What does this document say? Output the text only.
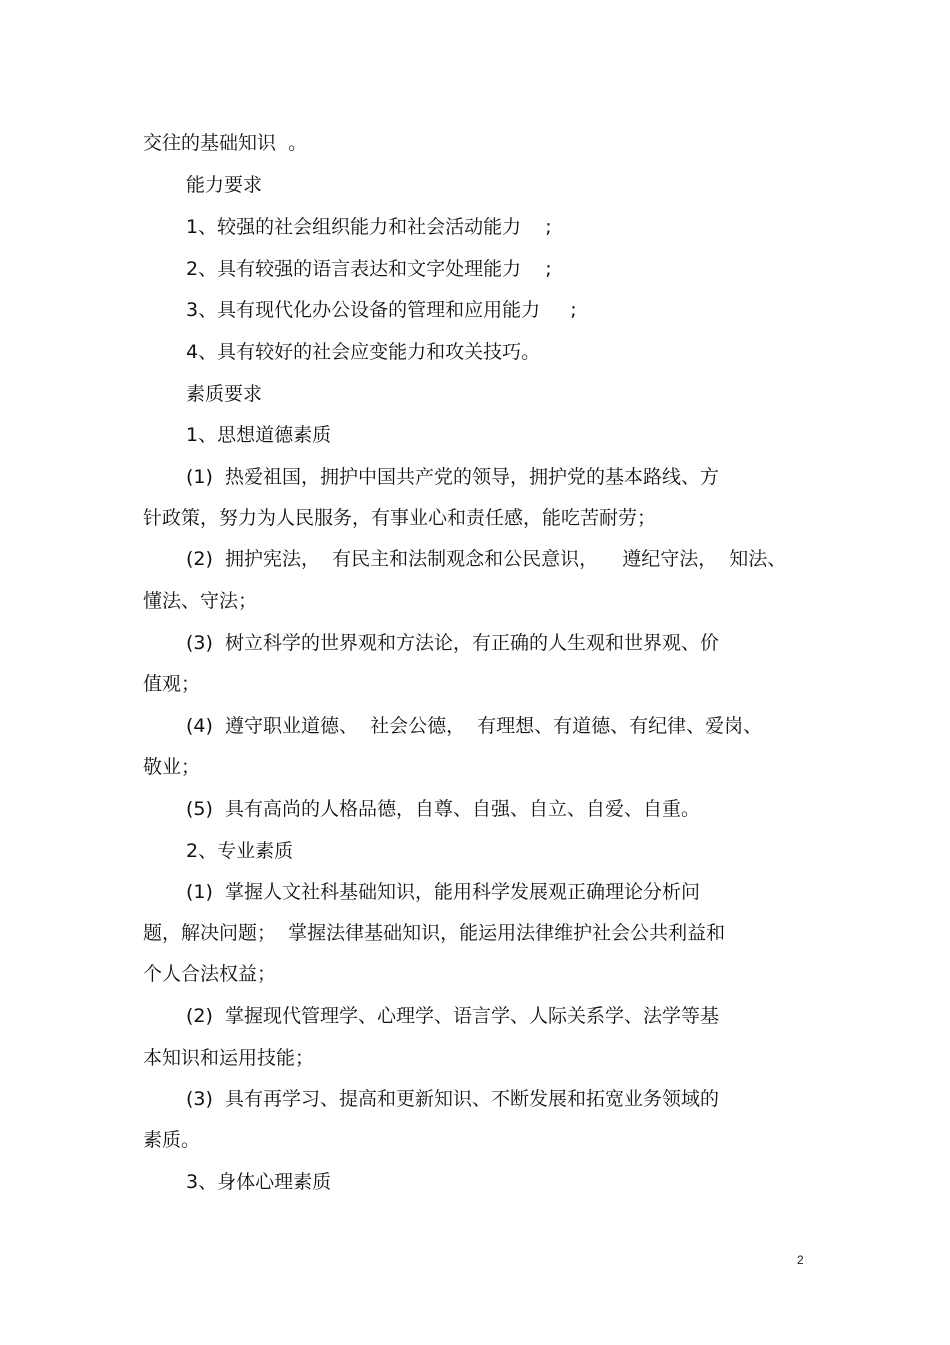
交往的基础知识  。
能力要求
1、较强的社会组织能力和社会活动能力    ;
2、具有较强的语言表达和文字处理能力    ;
3、具有现代化办公设备的管理和应用能力     ;
4、具有较好的社会应变能力和攻关技巧。
素质要求
1、思想道德素质
(1)  热爱祖国，拥护中国共产党的领导，拥护党的基本路线、方
针政策，努力为人民服务，有事业心和责任感，能吃苦耐劳；
(2)  拥护宪法，  有民主和法制观念和公民意识，    遵纪守法，  知法、
懂法、守法；
(3)  树立科学的世界观和方法论，有正确的人生观和世界观、价
值观；
(4)  遵守职业道德、  社会公德，  有理想、有道德、有纪律、爱岗、
敬业；
(5)  具有高尚的人格品德，自尊、自强、自立、自爱、自重。
2、专业素质
(1)  掌握人文社科基础知识，能用科学发展观正确理论分析问
题，解决问题；  掌握法律基础知识，能运用法律维护社会公共利益和
个人合法权益；
(2)  掌握现代管理学、心理学、语言学、人际关系学、法学等基
本知识和运用技能；
(3)  具有再学习、提高和更新知识、不断发展和拓宽业务领域的
素质。
3、身体心理素质
2
